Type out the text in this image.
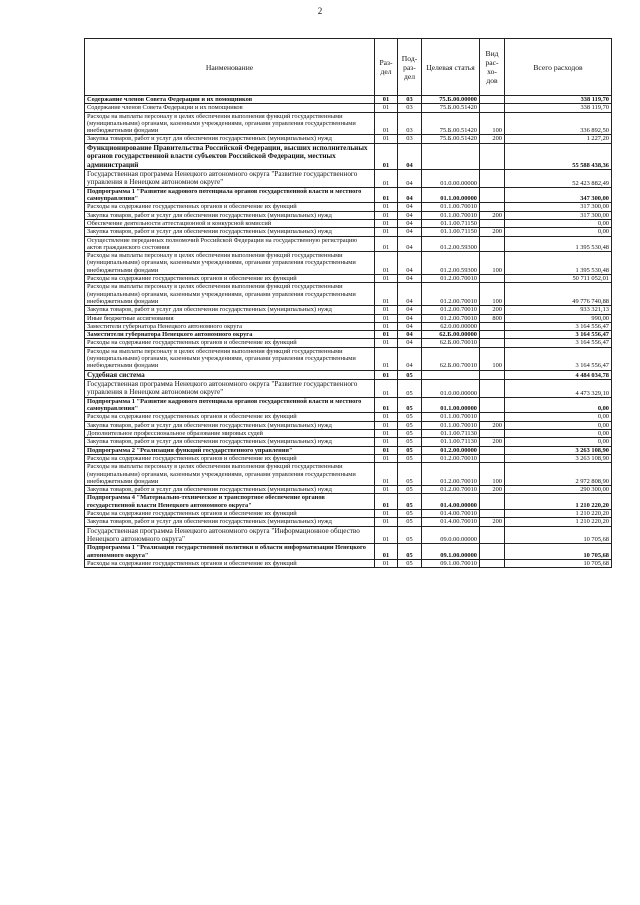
2
Наименование	Раз-дел	Под-раз-дел	Целевая статья	Вид рас-хо-дов	Всего расходов
Содержание членов Совета Федерации и их помощников	01	03	75.Б.00.00000		338 119,70
Содержание членов Совета Федерации и их помощников	01	03	75.Б.00.51420		338 119,70
Расходы на выплаты персоналу в целях обеспечения выполнения функций государственными (муниципальными) органами, казенными учреждениями, органами управления государственными внебюджетными фондами	01	03	75.Б.00.51420	100	336 892,50
Закупка товаров, работ и услуг для обеспечения государственных (муниципальных) нужд	01	03	75.Б.00.51420	200	1 227,20
Функционирование Правительства Российской Федерации, высших исполнительных органов государственной власти субъектов Российской Федерации, местных администраций	01	04			55 588 438,36
Государственная программа Ненецкого автономного округа "Развитие государственного управления в Ненецком автономном округе"	01	04	01.0.00.00000		52 423 882,49
Подпрограмма 1 "Развитие кадрового потенциала органов государственной власти и местного самоуправления"	01	04	01.1.00.00000		347 300,00
Расходы на содержание государственных органов и обеспечение их функций	01	04	01.1.00.70010		317 300,00
Закупка товаров, работ и услуг для обеспечения государственных (муниципальных) нужд	01	04	01.1.00.70010	200	317 300,00
Обеспечение деятельности аттестационной и конкурсной комиссий	01	04	01.1.00.71150		0,00
Закупка товаров, работ и услуг для обеспечения государственных (муниципальных) нужд	01	04	01.1.00.71150	200	0,00
Осуществление переданных полномочий Российской Федерации на государственную регистрацию актов гражданского состояния	01	04	01.2.00.59300		1 395 530,48
Расходы на выплаты персоналу в целях обеспечения выполнения функций государственными (муниципальными) органами, казенными учреждениями, органами управления государственными внебюджетными фондами	01	04	01.2.00.59300	100	1 395 530,48
Расходы на содержание государственных органов и обеспечение их функций	01	04	01.2.00.70010		50 711 052,01
Расходы на выплаты персоналу в целях обеспечения выполнения функций государственными (муниципальными) органами, казенными учреждениями, органами управления государственными внебюджетными фондами	01	04	01.2.00.70010	100	49 776 740,88
Закупка товаров, работ и услуг для обеспечения государственных (муниципальных) нужд	01	04	01.2.00.70010	200	933 321,13
Иные бюджетные ассигнования	01	04	01.2.00.70010	800	990,00
Заместители губернатора Ненецкого автономного округа	01	04	62.0.00.00000		3 164 556,47
Заместители губернатора Ненецкого автономного округа	01	04	62.Б.00.00000		3 164 556,47
Расходы на содержание государственных органов и обеспечение их функций	01	04	62.Б.00.70010		3 164 556,47
Расходы на выплаты персоналу в целях обеспечения выполнения функций государственными (муниципальными) органами, казенными учреждениями, органами управления государственными внебюджетными фондами	01	04	62.Б.00.70010	100	3 164 556,47
Судебная система	01	05			4 484 034,78
Государственная программа Ненецкого автономного округа "Развитие государственного управления в Ненецком автономном округе"	01	05	01.0.00.00000		4 473 329,10
Подпрограмма 1 "Развитие кадрового потенциала органов государственной власти и местного самоуправления"	01	05	01.1.00.00000		0,00
Расходы на содержание государственных органов и обеспечение их функций	01	05	01.1.00.70010		0,00
Закупка товаров, работ и услуг для обеспечения государственных (муниципальных) нужд	01	05	01.1.00.70010	200	0,00
Дополнительное профессиональное образование мировых судей	01	05	01.1.00.71130		0,00
Закупка товаров, работ и услуг для обеспечения государственных (муниципальных) нужд	01	05	01.1.00.71130	200	0,00
Подпрограмма 2 "Реализация функций государственного управления"	01	05	01.2.00.00000		3 263 108,90
Расходы на содержание государственных органов и обеспечение их функций	01	05	01.2.00.70010		3 263 108,90
Расходы на выплаты персоналу в целях обеспечения выполнения функций государственными (муниципальными) органами, казенными учреждениями, органами управления государственными внебюджетными фондами	01	05	01.2.00.70010	100	2 972 808,90
Закупка товаров, работ и услуг для обеспечения государственных (муниципальных) нужд	01	05	01.2.00.70010	200	290 300,00
Подпрограмма 4 "Материально-техническое и транспортное обеспечение органов государственной власти Ненецкого автономного округа"	01	05	01.4.00.00000		1 210 220,20
Расходы на содержание государственных органов и обеспечение их функций	01	05	01.4.00.70010		1 210 220,20
Закупка товаров, работ и услуг для обеспечения государственных (муниципальных) нужд	01	05	01.4.00.70010	200	1 210 220,20
Государственная программа Ненецкого автономного округа "Информационное общество Ненецкого автономного округа"	01	05	09.0.00.00000		10 705,68
Подпрограмма 1 "Реализация государственной политики в области информатизации Ненецкого автономного округа"	01	05	09.1.00.00000		10 705,68
Расходы на содержание государственных органов и обеспечение их функций	01	05	09.1.00.70010		10 705,68
